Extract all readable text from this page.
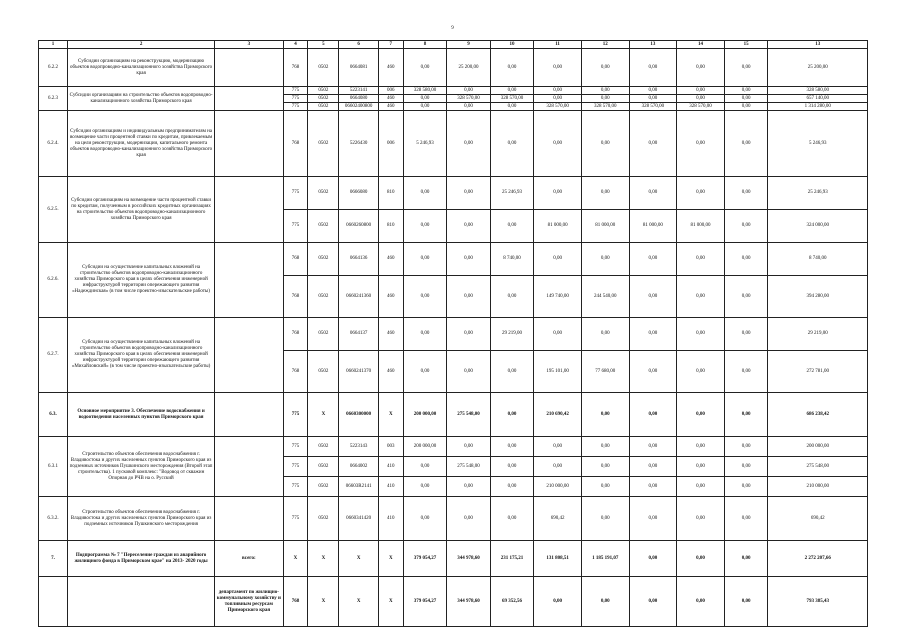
9
1	2	3	4	5	6	7	8	9	10	11	12	13	14	15	13
6.2.2	Субсидии организациям на реконструкцию, модернизацию объектов водопроводно-канализационного хозяйства Приморского края		768	0502	0664081	460	0,00	25 200,00	0,00	0,00	0,00	0,00	0,00	0,00	25 200,00
6.2.3	Субсидии организациям на строительство объектов водопроводно-канализационного хозяйства Приморского края		775	0502	5223141	006	328 580,00	0,00	0,00	0,00	0,00	0,00	0,00	0,00	328 580,00
			775	0502	0664080	460	0,00	328 570,00	328 570,00	0,00	0,00	0,00	0,00	0,00	657 140,00
			775	0502	06602400800	460	0,00	0,00	0,00	328 570,00	328 570,00	328 570,00	328 570,00	0,00	1 314 280,00
6.2.4.	Субсидии организациям и индивидуальным предпринимателям на возмещение части процентной ставки по кредитам, привлекаемым на цели реконструкции, модернизации, капитального ремонта объектов водопроводно-канализационного хозяйства Приморского края		768	0502	5226430	006	5 246,93	0,00	0,00	0,00	0,00	0,00	0,00	0,00	5 246,93
6.2.5.	Субсидии организациям на возмещение части процентной ставки по кредитам, полученным в российских кредитных организациях на строительство объектов водопроводно-канализационного хозяйства Приморского края		775	0502	0666080	810	0,00	0,00	25 246,93	0,00	0,00	0,00	0,00	0,00	25 246,93
			775	0502	0660260800	810	0,00	0,00	0,00	81 000,00	81 000,00	81 000,00	81 000,00	0,00	324 000,00
6.2.6.	Субсидии на осуществление капитальных вложений на строительство объектов водопроводно-канализационного хозяйства Приморского края в целях обеспечения инженерной инфраструктурой территории опережающего развития «Надеждинская» (в том числе проектно-изыскательские работы)		768	0502	0664136	460	0,00	0,00	8 740,00	0,00	0,00	0,00	0,00	0,00	8 740,00
			768	0502	0660241360	460	0,00	0,00	0,00	149 740,00	244 540,00	0,00	0,00	0,00	394 280,00
6.2.7.	Субсидии на осуществление капитальных вложений на строительство объектов водопроводно-канализационного хозяйства Приморского края в целях обеспечения инженерной инфраструктурой территории опережающего развития «Михайловский» (в том числе проектно-изыскательские работы)		768	0502	0664137	460	0,00	0,00	29 219,00	0,00	0,00	0,00	0,00	0,00	29 219,00
			768	0502	0660241370	460	0,00	0,00	0,00	195 101,00	77 680,00	0,00	0,00	0,00	272 781,00
6.3.	Основное мероприятие 3. Обеспечение водоснабжения и водоотведения населенных пунктов Приморского края		775	X	0660300000	X	200 000,00	275 548,00	0,00	210 690,42	0,00	0,00	0,00	0,00	686 238,42
6.3.1	Строительство объектов обеспечения водоснабжения г. Владивостока и других населенных пунктов Приморского края из подземных источников Пушкинского месторождения (Второй этап строительства). 1 пусковой комплекс: "Водовод от скважин Опорная до РЧВ на о. Русский		775	0502	5223143	003	200 000,00	0,00	0,00	0,00	0,00	0,00	0,00	0,00	200 000,00
			775	0502	0664002	410	0,00	275 548,00	0,00	0,00	0,00	0,00	0,00	0,00	275 548,00
			775	0502	06603R2141	410	0,00	0,00	0,00	210 000,00	0,00	0,00	0,00	0,00	210 000,00
6.3.2.	Строительство объектов обеспечения водоснабжения г. Владивостока и других населенных пунктов Приморского края из подземных источников Пушкинского месторождения		775	0502	0660341420	410	0,00	0,00	0,00	690,42	0,00	0,00	0,00	0,00	690,42
7.	Подпрограмма № 7 "Переселение граждан из аварийного жилищного фонда в Приморском крае" на 2013- 2020 годы	всего:	X	X	X	X	379 054,27	344 978,60	231 175,21	131 808,51	1 185 191,07	0,00	0,00	0,00	2 272 207,66
		департамент по жилищно-коммунальному хозяйству и топливным ресурсам Приморского края	768	X	X	X	379 054,27	344 978,60	69 352,56	0,00	0,00	0,00	0,00	0,00	793 385,43
